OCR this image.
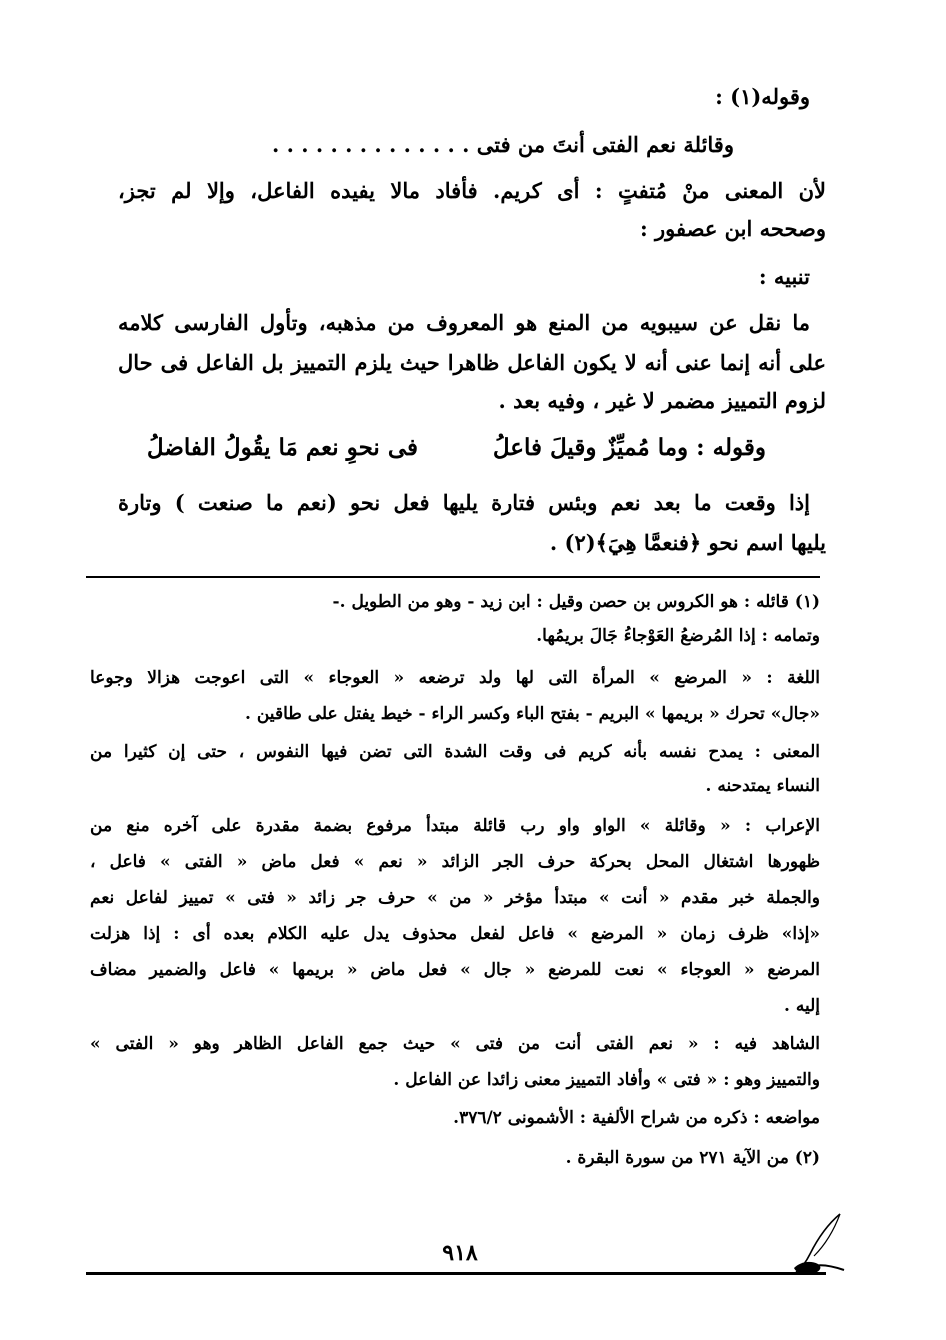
وقوله(١) :
وقائلة نعم الفتى أنتَ من فتى . . . . . . . . . . . . . .
لأن المعنى منْ مُتفتٍ : أى كريم. فأفاد مالا يفيده الفاعل، وإلا لم تجز،
وصححه ابن عصفور :
تنبيه :
ما نقل عن سيبويه من المنع هو المعروف من مذهبه، وتأول الفارسى كلامه
على أنه إنما عنى أنه لا يكون الفاعل ظاهرا حيث يلزم التمييز بل الفاعل فى حال
لزوم التمييز مضمر لا غير ، وفيه بعد .
وقوله : وما مُميِّزٌ وقيلَ فاعلُ
فى نحوِ نعم مَا يقُولُ الفاضلُ
إذا وقعت ما بعد نعم وبئس فتارة يليها فعل نحو (نعم ما صنعت ) وتارة
يليها اسم نحو ﴿فنعمَّا هِيَ﴾(٢) .
(١) قائله : هو الكروس بن حصن وقيل : ابن زيد - وهو من الطويل .-
وتمامه : إذا المُرضعُ العَوْجاءُ جَالَ بريمُها.
اللغة : « المرضع » المرأة التى لها ولد ترضعه « العوجاء » التى اعوجت هزالا وجوعا
«جال» تحرك « بريمها » البريم - بفتح الباء وكسر الراء - خيط يفتل على طاقين .
المعنى : يمدح نفسه بأنه كريم فى وقت الشدة التى تضن فيها النفوس ، حتى إن كثيرا من
النساء يمتدحنه .
الإعراب : « وقائلة » الواو واو رب قائلة مبتدأ مرفوع بضمة مقدرة على آخره منع من
ظهورها اشتغال المحل بحركة حرف الجر الزائد « نعم » فعل ماض « الفتى » فاعل ،
والجملة خبر مقدم « أنت » مبتدأ مؤخر « من » حرف جر زائد « فتى » تمييز لفاعل نعم
«إذا» ظرف زمان « المرضع » فاعل لفعل محذوف يدل عليه الكلام بعده أى : إذا هزلت
المرضع « العوجاء » نعت للمرضع « جال » فعل ماض « بريمها » فاعل والضمير مضاف
إليه .
الشاهد فيه : « نعم الفتى أنت من فتى » حيث جمع الفاعل الظاهر وهو « الفتى »
والتمييز وهو : « فتى » وأفاد التمييز معنى زائدا عن الفاعل .
مواضعه : ذكره من شراح الألفية : الأشمونى ٣٧٦/٢.
(٢) من الآية ٢٧١ من سورة البقرة .
٩١٨
